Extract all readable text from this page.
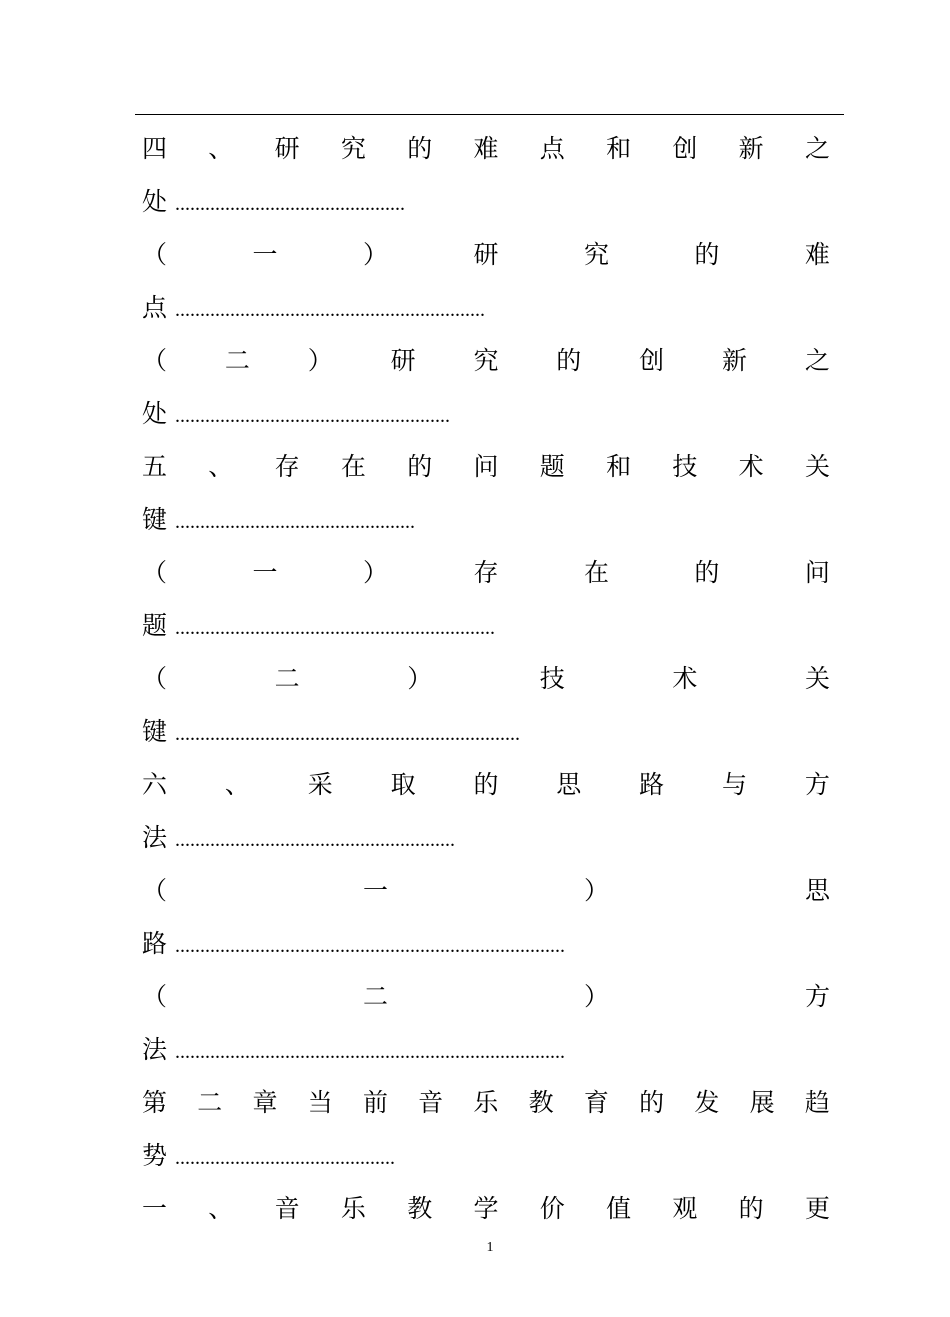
四 、 研 究 的 难 点 和 创 新 之
处 ..............................................
（	一	）	研	究	的	难
点 ..............................................................
（ 二 ） 研 究 的 创 新 之
处 .......................................................
五 、 存 在 的 问 题 和 技 术 关
键 ................................................
（	一	）	存	在	的	问
题 ................................................................
（	二	）	技	术	关
键 .....................................................................
六 、 采 取 的 思 路 与 方
法 ........................................................
（	一	）	思
路 ..............................................................................
（	二	）	方
法 ..............................................................................
第 二 章 当 前 音 乐 教 育 的 发 展 趋
势 ............................................
一 、 音 乐 教 学 价 值 观 的 更
1
